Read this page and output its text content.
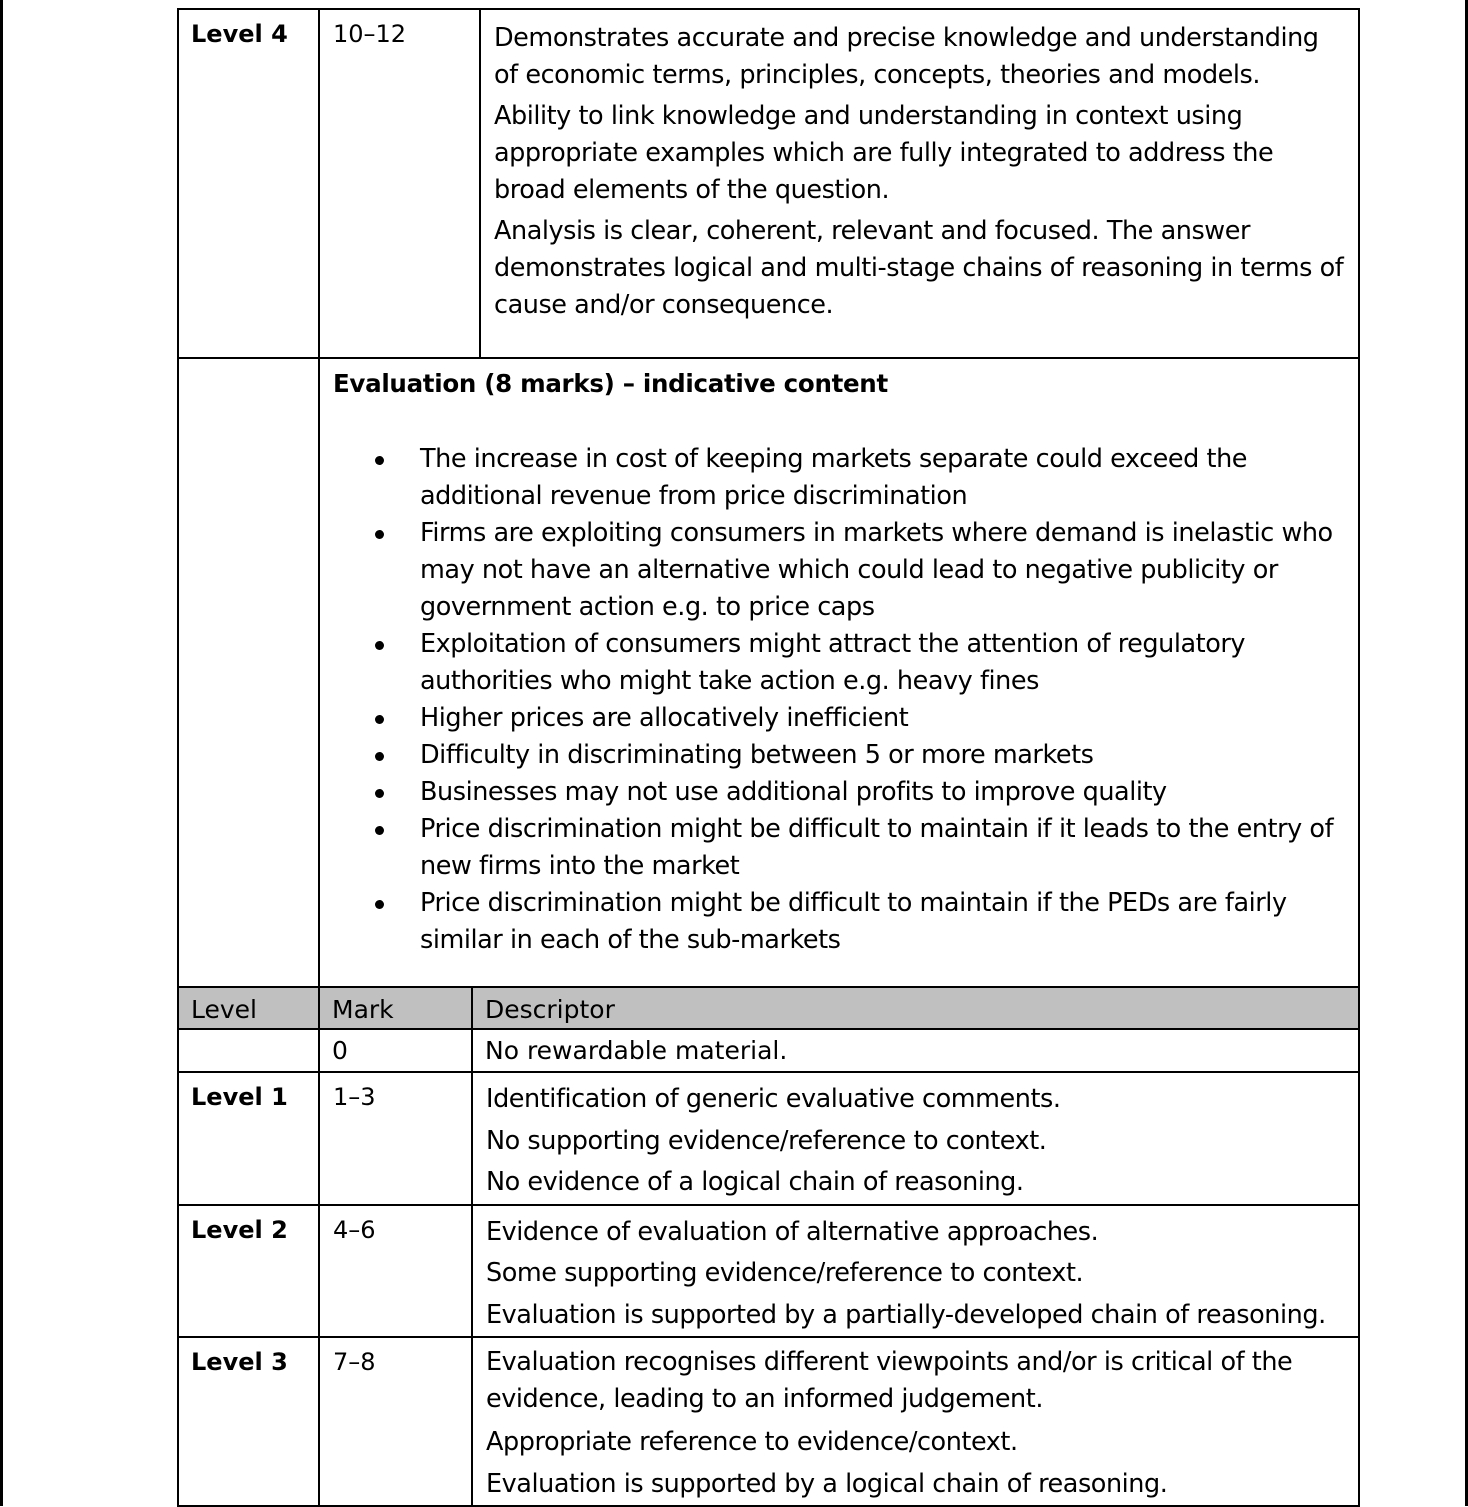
Level 4	10–12	Demonstrates accurate and precise knowledge and understanding of economic terms, principles, concepts, theories and models.

Ability to link knowledge and understanding in context using appropriate examples which are fully integrated to address the broad elements of the question.

Analysis is clear, coherent, relevant and focused. The answer demonstrates logical and multi-stage chains of reasoning in terms of cause and/or consequence.

Evaluation (8 marks) – indicative content
The increase in cost of keeping markets separate could exceed the additional revenue from price discrimination
Firms are exploiting consumers in markets where demand is inelastic who may not have an alternative which could lead to negative publicity or government action e.g. to price caps
Exploitation of consumers might attract the attention of regulatory authorities who might take action e.g. heavy fines
Higher prices are allocatively inefficient
Difficulty in discriminating between 5 or more markets
Businesses may not use additional profits to improve quality
Price discrimination might be difficult to maintain if it leads to the entry of new firms into the market
Price discrimination might be difficult to maintain if the PEDs are fairly similar in each of the sub-markets
Level	Mark	Descriptor
	0	No rewardable material.
Level 1	1–3	Identification of generic evaluative comments.

No supporting evidence/reference to context.

No evidence of a logical chain of reasoning.

Level 2	4–6	Evidence of evaluation of alternative approaches.

Some supporting evidence/reference to context.

Evaluation is supported by a partially-developed chain of reasoning.

Level 3	7–8	Evaluation recognises different viewpoints and/or is critical of the evidence, leading to an informed judgement.

Appropriate reference to evidence/context.

Evaluation is supported by a logical chain of reasoning.
